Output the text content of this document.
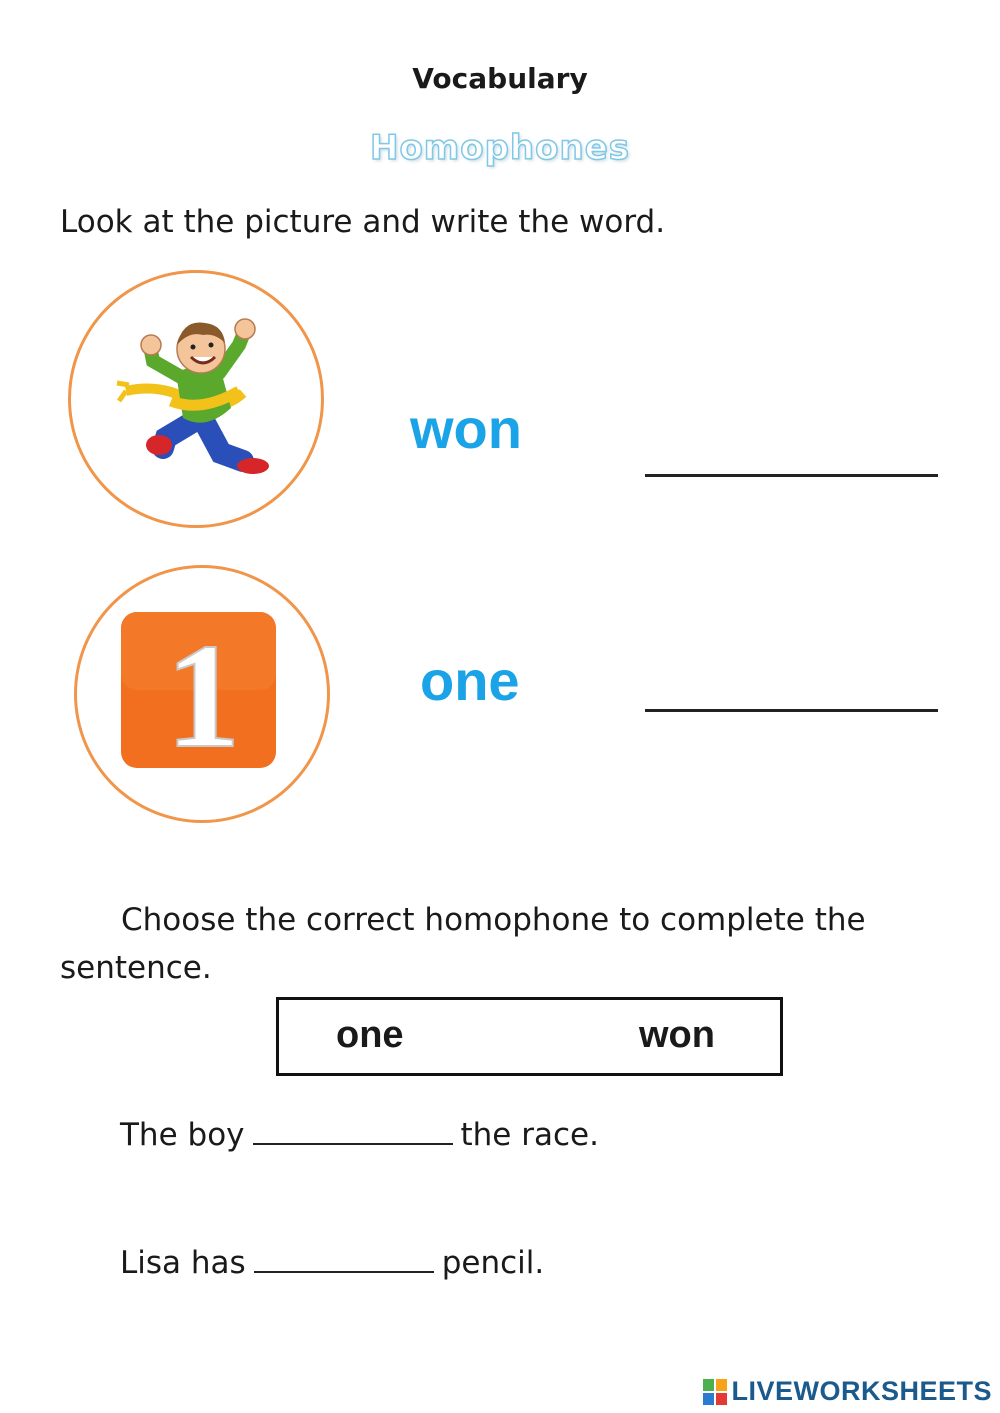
Vocabulary
Homophones
Look at the picture and write the word.
won
1	one
Choose the correct homophone to complete the sentence.
one	won
The boy	the race.
Lisa has	pencil.
LIVEWORKSHEETS
